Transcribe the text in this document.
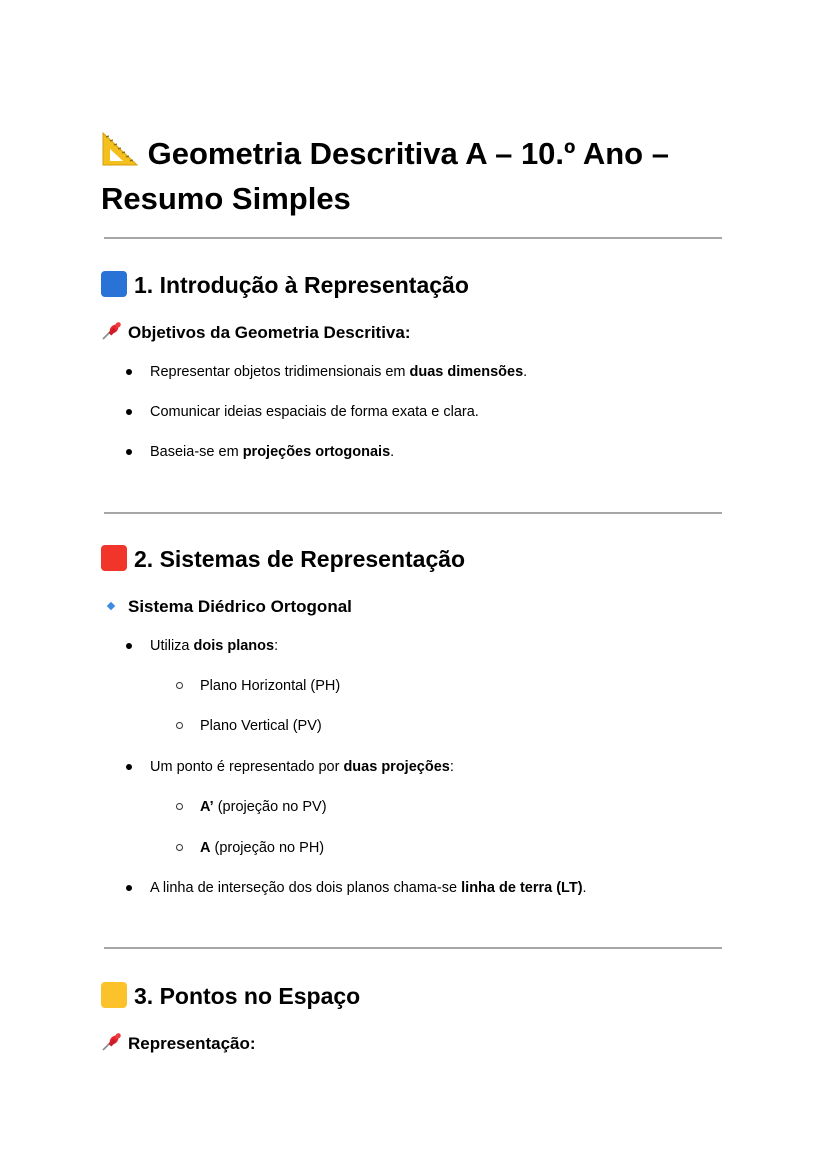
Geometria Descritiva A – 10.º Ano – Resumo Simples
1. Introdução à Representação
Objetivos da Geometria Descritiva:
Representar objetos tridimensionais em duas dimensões.
Comunicar ideias espaciais de forma exata e clara.
Baseia-se em projeções ortogonais.
2. Sistemas de Representação
Sistema Diédrico Ortogonal
Utiliza dois planos:
Plano Horizontal (PH)
Plano Vertical (PV)
Um ponto é representado por duas projeções:
A’ (projeção no PV)
A (projeção no PH)
A linha de interseção dos dois planos chama-se linha de terra (LT).
3. Pontos no Espaço
Representação:
